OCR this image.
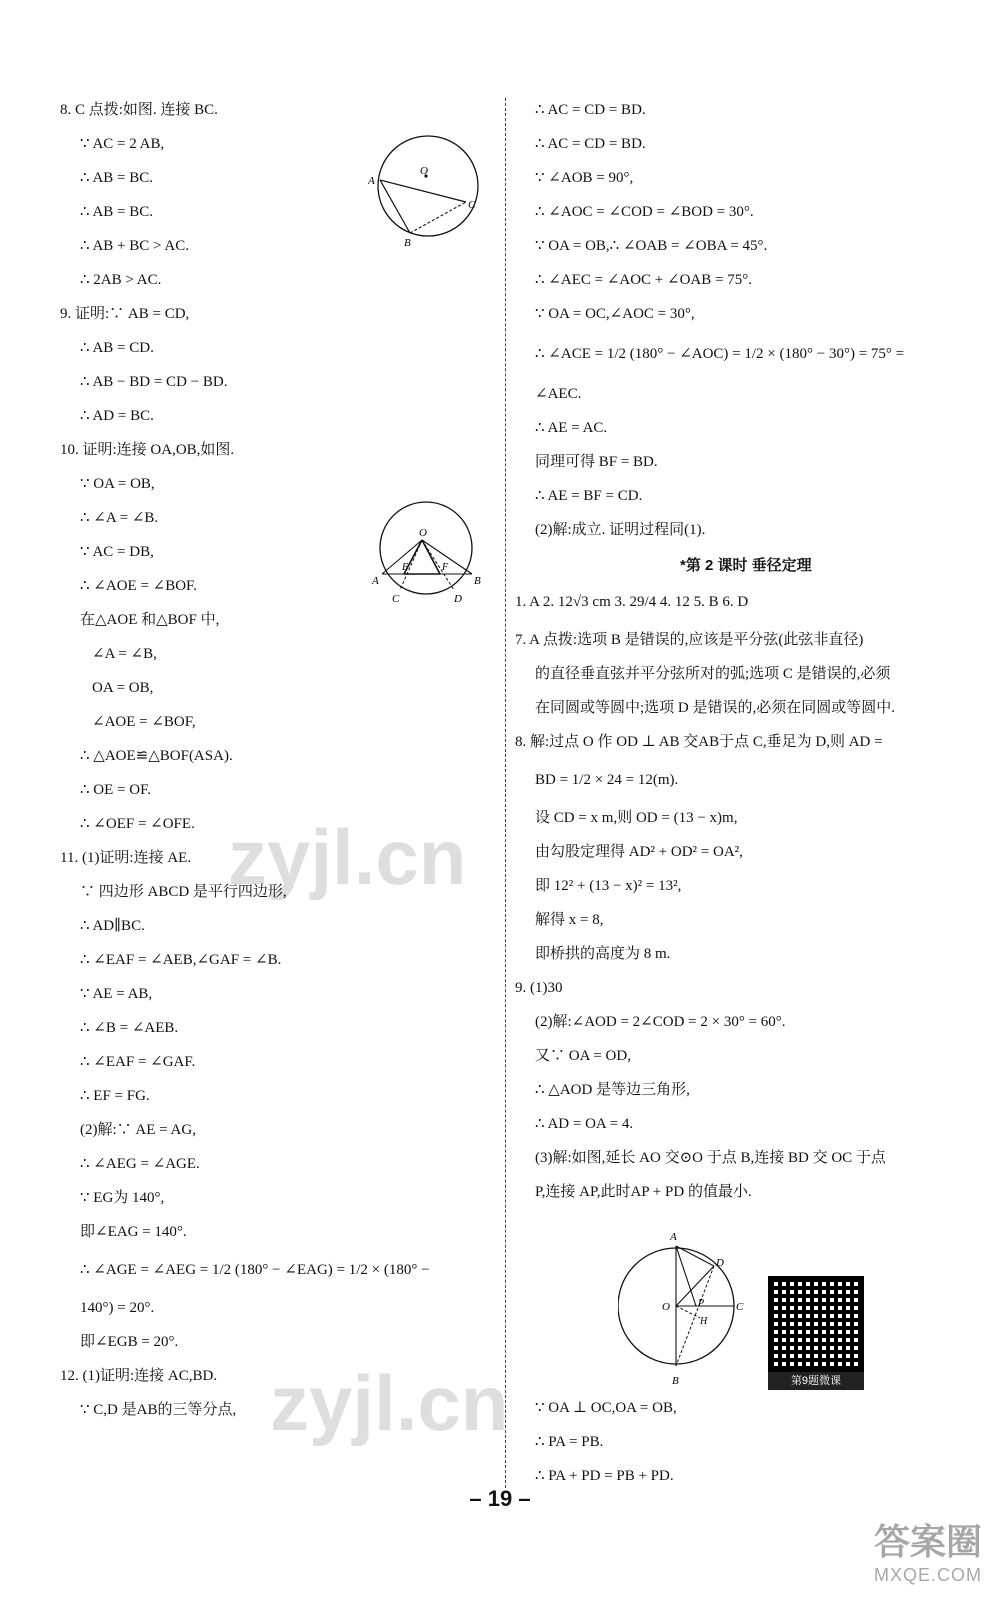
8. C 点拨:如图. 连接 BC.
∵ AC = 2 AB,
∴ AB = BC.
∴ AB = BC.
∴ AB + BC > AC.
∴ 2AB > AC.
9. 证明:∵ AB = CD,
∴ AB = CD.
∴ AB − BD = CD − BD.
∴ AD = BC.
10. 证明:连接 OA,OB,如图.
∵ OA = OB,
∴ ∠A = ∠B.
∵ AC = DB,
∴ ∠AOE = ∠BOF.
在△AOE 和△BOF 中,
∠A = ∠B,
OA = OB,
∠AOE = ∠BOF,
∴ △AOE≌△BOF(ASA).
∴ OE = OF.
∴ ∠OEF = ∠OFE.
11. (1)证明:连接 AE.
∵ 四边形 ABCD 是平行四边形,
∴ AD∥BC.
∴ ∠EAF = ∠AEB,∠GAF = ∠B.
∵ AE = AB,
∴ ∠B = ∠AEB.
∴ ∠EAF = ∠GAF.
∴ EF = FG.
(2)解:∵ AE = AG,
∴ ∠AEG = ∠AGE.
∵ EG为 140°,
即∠EAG = 140°.
∴ ∠AGE = ∠AEG = 1/2 (180° − ∠EAG) = 1/2 × (180° −
140°) = 20°.
即∠EGB = 20°.
12. (1)证明:连接 AC,BD.
∵ C,D 是AB的三等分点,
∴ AC = CD = BD.
∴ AC = CD = BD.
∵ ∠AOB = 90°,
∴ ∠AOC = ∠COD = ∠BOD = 30°.
∵ OA = OB,∴ ∠OAB = ∠OBA = 45°.
∴ ∠AEC = ∠AOC + ∠OAB = 75°.
∵ OA = OC,∠AOC = 30°,
∴ ∠ACE = 1/2 (180° − ∠AOC) = 1/2 × (180° − 30°) = 75° =
∠AEC.
∴ AE = AC.
同理可得 BF = BD.
∴ AE = BF = CD.
(2)解:成立. 证明过程同(1).
*第 2 课时 垂径定理
1. A 2. 12√3 cm 3. 29/4 4. 12 5. B 6. D
7. A 点拨:选项 B 是错误的,应该是平分弦(此弦非直径)
的直径垂直弦并平分弦所对的弧;选项 C 是错误的,必须
在同圆或等圆中;选项 D 是错误的,必须在同圆或等圆中.
8. 解:过点 O 作 OD ⊥ AB 交AB于点 C,垂足为 D,则 AD =
BD = 1/2 × 24 = 12(m).
设 CD = x m,则 OD = (13 − x)m,
由勾股定理得 AD² + OD² = OA²,
即 12² + (13 − x)² = 13²,
解得 x = 8,
即桥拱的高度为 8 m.
9. (1)30
(2)解:∠AOD = 2∠COD = 2 × 30° = 60°.
又∵ OA = OD,
∴ △AOD 是等边三角形,
∴ AD = OA = 4.
(3)解:如图,延长 AO 交⊙O 于点 B,连接 BD 交 OC 于点
P,连接 AP,此时AP + PD 的值最小.
∵ OA ⊥ OC,OA = OB,
∴ PA = PB.
∴ PA + PD = PB + PD.
O
A
C
B
O
A	B
E	F
C	D
A
D
C
O	P
H
B	第9题微课
zyjl.cn
zyjl.cn
– 19 –
答案圈
MXQE.COM
